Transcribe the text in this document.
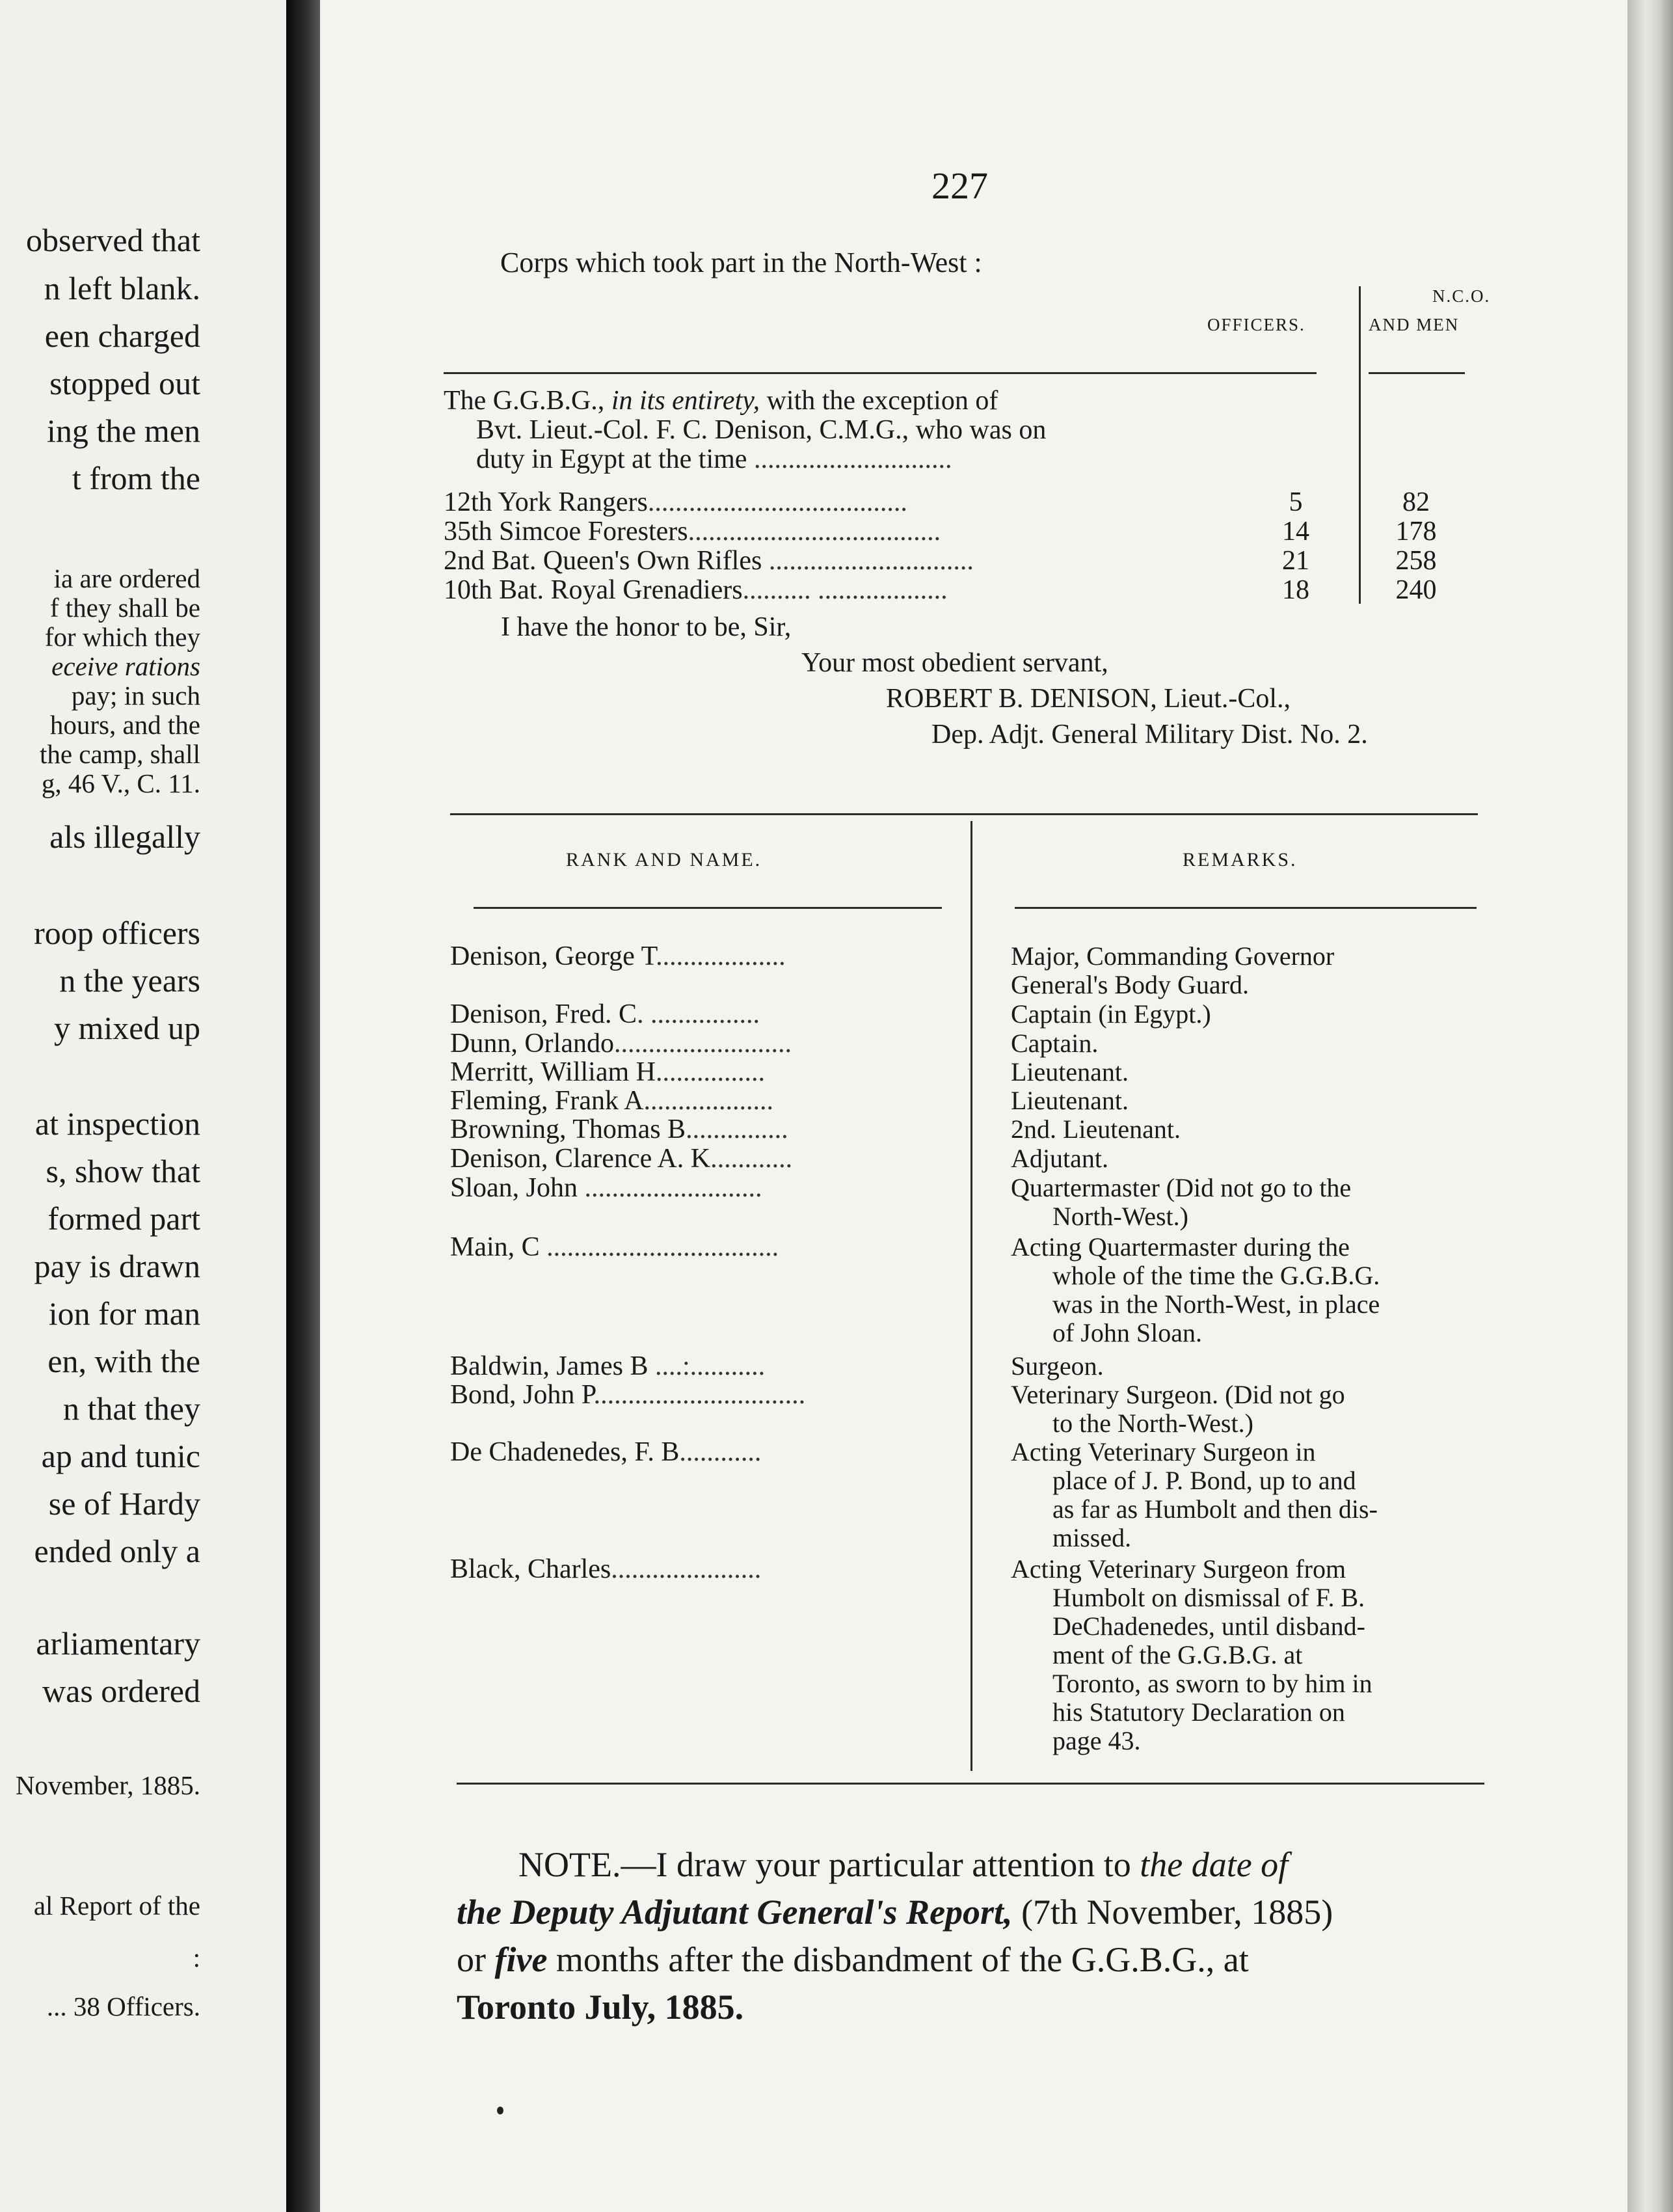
observed that
n left blank.
een charged
stopped out
ing the men
t from the
ia are ordered
f they shall be
for which they
eceive rations
pay; in such
hours, and the
the camp, shall
g, 46 V., C. 11.
als illegally
roop officers
n the years
y mixed up
at inspection
s, show that
formed part
pay is drawn
ion for man
en, with the
n that they
ap and tunic
se of Hardy
ended only a
arliamentary
was ordered
November, 1885.
al Report of the
:
... 38 Officers.
227
Corps which took part in the North-West :
N.C.O.
OFFICERS.	AND MEN
The G.G.B.G., in its entirety, with the exception of
Bvt. Lieut.-Col. F. C. Denison, C.M.G., who was on
duty in Egypt at the time .............................
12th York Rangers......................................	5	82
35th Simcoe Foresters.....................................	14	178
2nd Bat. Queen's Own Rifles ..............................	21	258
10th Bat. Royal Grenadiers.......... ...................	18	240
I have the honor to be, Sir,
Your most obedient servant,
ROBERT B. DENISON, Lieut.-Col.,
Dep. Adjt. General Military Dist. No. 2.
RANK AND NAME.	REMARKS.
Denison, George T...................	Major, Commanding Governor
General's Body Guard.
Denison, Fred. C. ................	Captain (in Egypt.)
Dunn, Orlando..........................	Captain.
Merritt, William H................	Lieutenant.
Fleming, Frank A...................	Lieutenant.
Browning, Thomas B...............	2nd. Lieutenant.
Denison, Clarence A. K............	Adjutant.
Sloan, John ..........................	Quartermaster (Did not go to the
North-West.)
Main, C ..................................	Acting Quartermaster during the
whole of the time the G.G.B.G.
was in the North-West, in place
of John Sloan.
Baldwin, James B ....:...........	Surgeon.
Bond, John P...............................	Veterinary Surgeon. (Did not go
to the North-West.)
De Chadenedes, F. B............	Acting Veterinary Surgeon in
place of J. P. Bond, up to and
as far as Humbolt and then dis-
missed.
Black, Charles......................	Acting Veterinary Surgeon from
Humbolt on dismissal of F. B.
DeChadenedes, until disband-
ment of the G.G.B.G. at
Toronto, as sworn to by him in
his Statutory Declaration on
page 43.
NOTE.—I draw your particular attention to the date of
the Deputy Adjutant General's Report, (7th November, 1885)
or five months after the disbandment of the G.G.B.G., at
Toronto July, 1885.
